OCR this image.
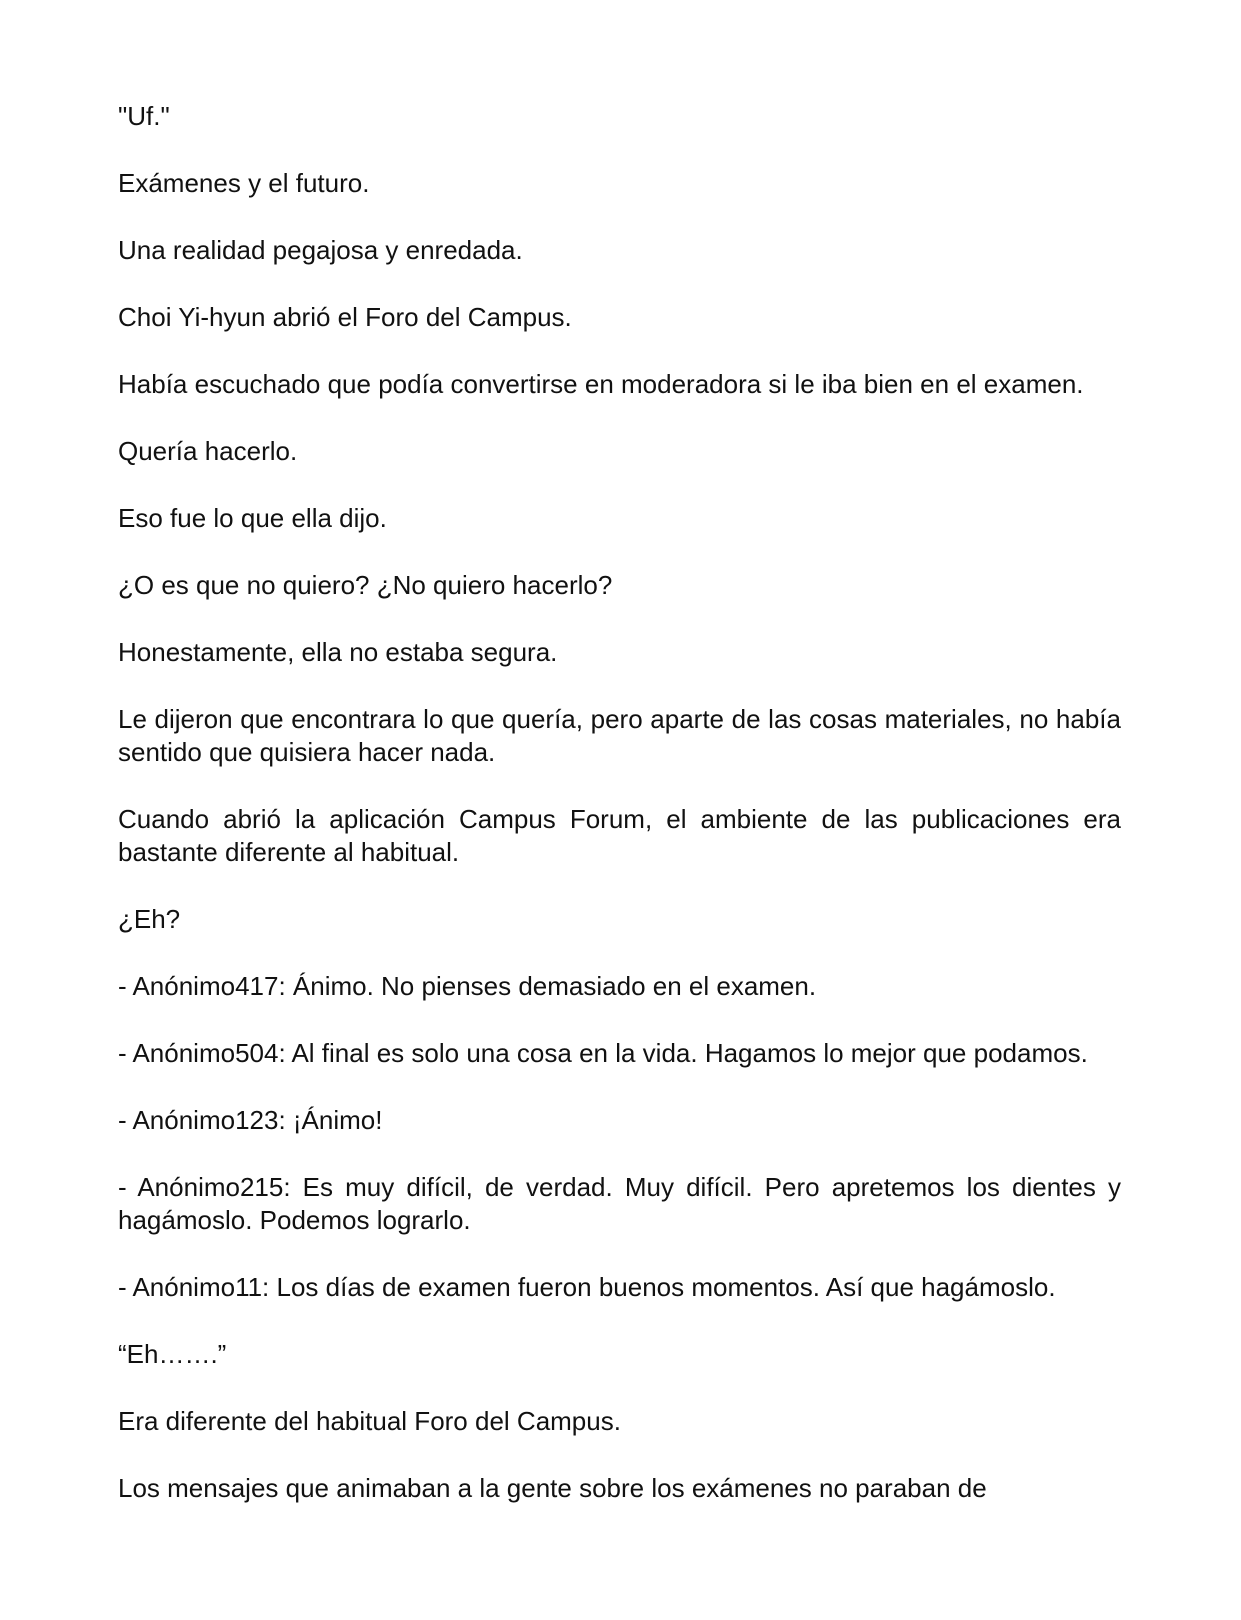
"Uf."

Exámenes y el futuro.

Una realidad pegajosa y enredada.

Choi Yi-hyun abrió el Foro del Campus.

Había escuchado que podía convertirse en moderadora si le iba bien en el examen.

Quería hacerlo.

Eso fue lo que ella dijo.

¿O es que no quiero? ¿No quiero hacerlo?

Honestamente, ella no estaba segura.

Le dijeron que encontrara lo que quería, pero aparte de las cosas materiales, no había sentido que quisiera hacer nada.

Cuando abrió la aplicación Campus Forum, el ambiente de las publicaciones era bastante diferente al habitual.

¿Eh?

- Anónimo417: Ánimo. No pienses demasiado en el examen.

- Anónimo504: Al final es solo una cosa en la vida. Hagamos lo mejor que podamos.

- Anónimo123: ¡Ánimo!

- Anónimo215: Es muy difícil, de verdad. Muy difícil. Pero apretemos los dientes y hagámoslo. Podemos lograrlo.

- Anónimo11: Los días de examen fueron buenos momentos. Así que hagámoslo.

“Eh…….”

Era diferente del habitual Foro del Campus.

Los mensajes que animaban a la gente sobre los exámenes no paraban de
